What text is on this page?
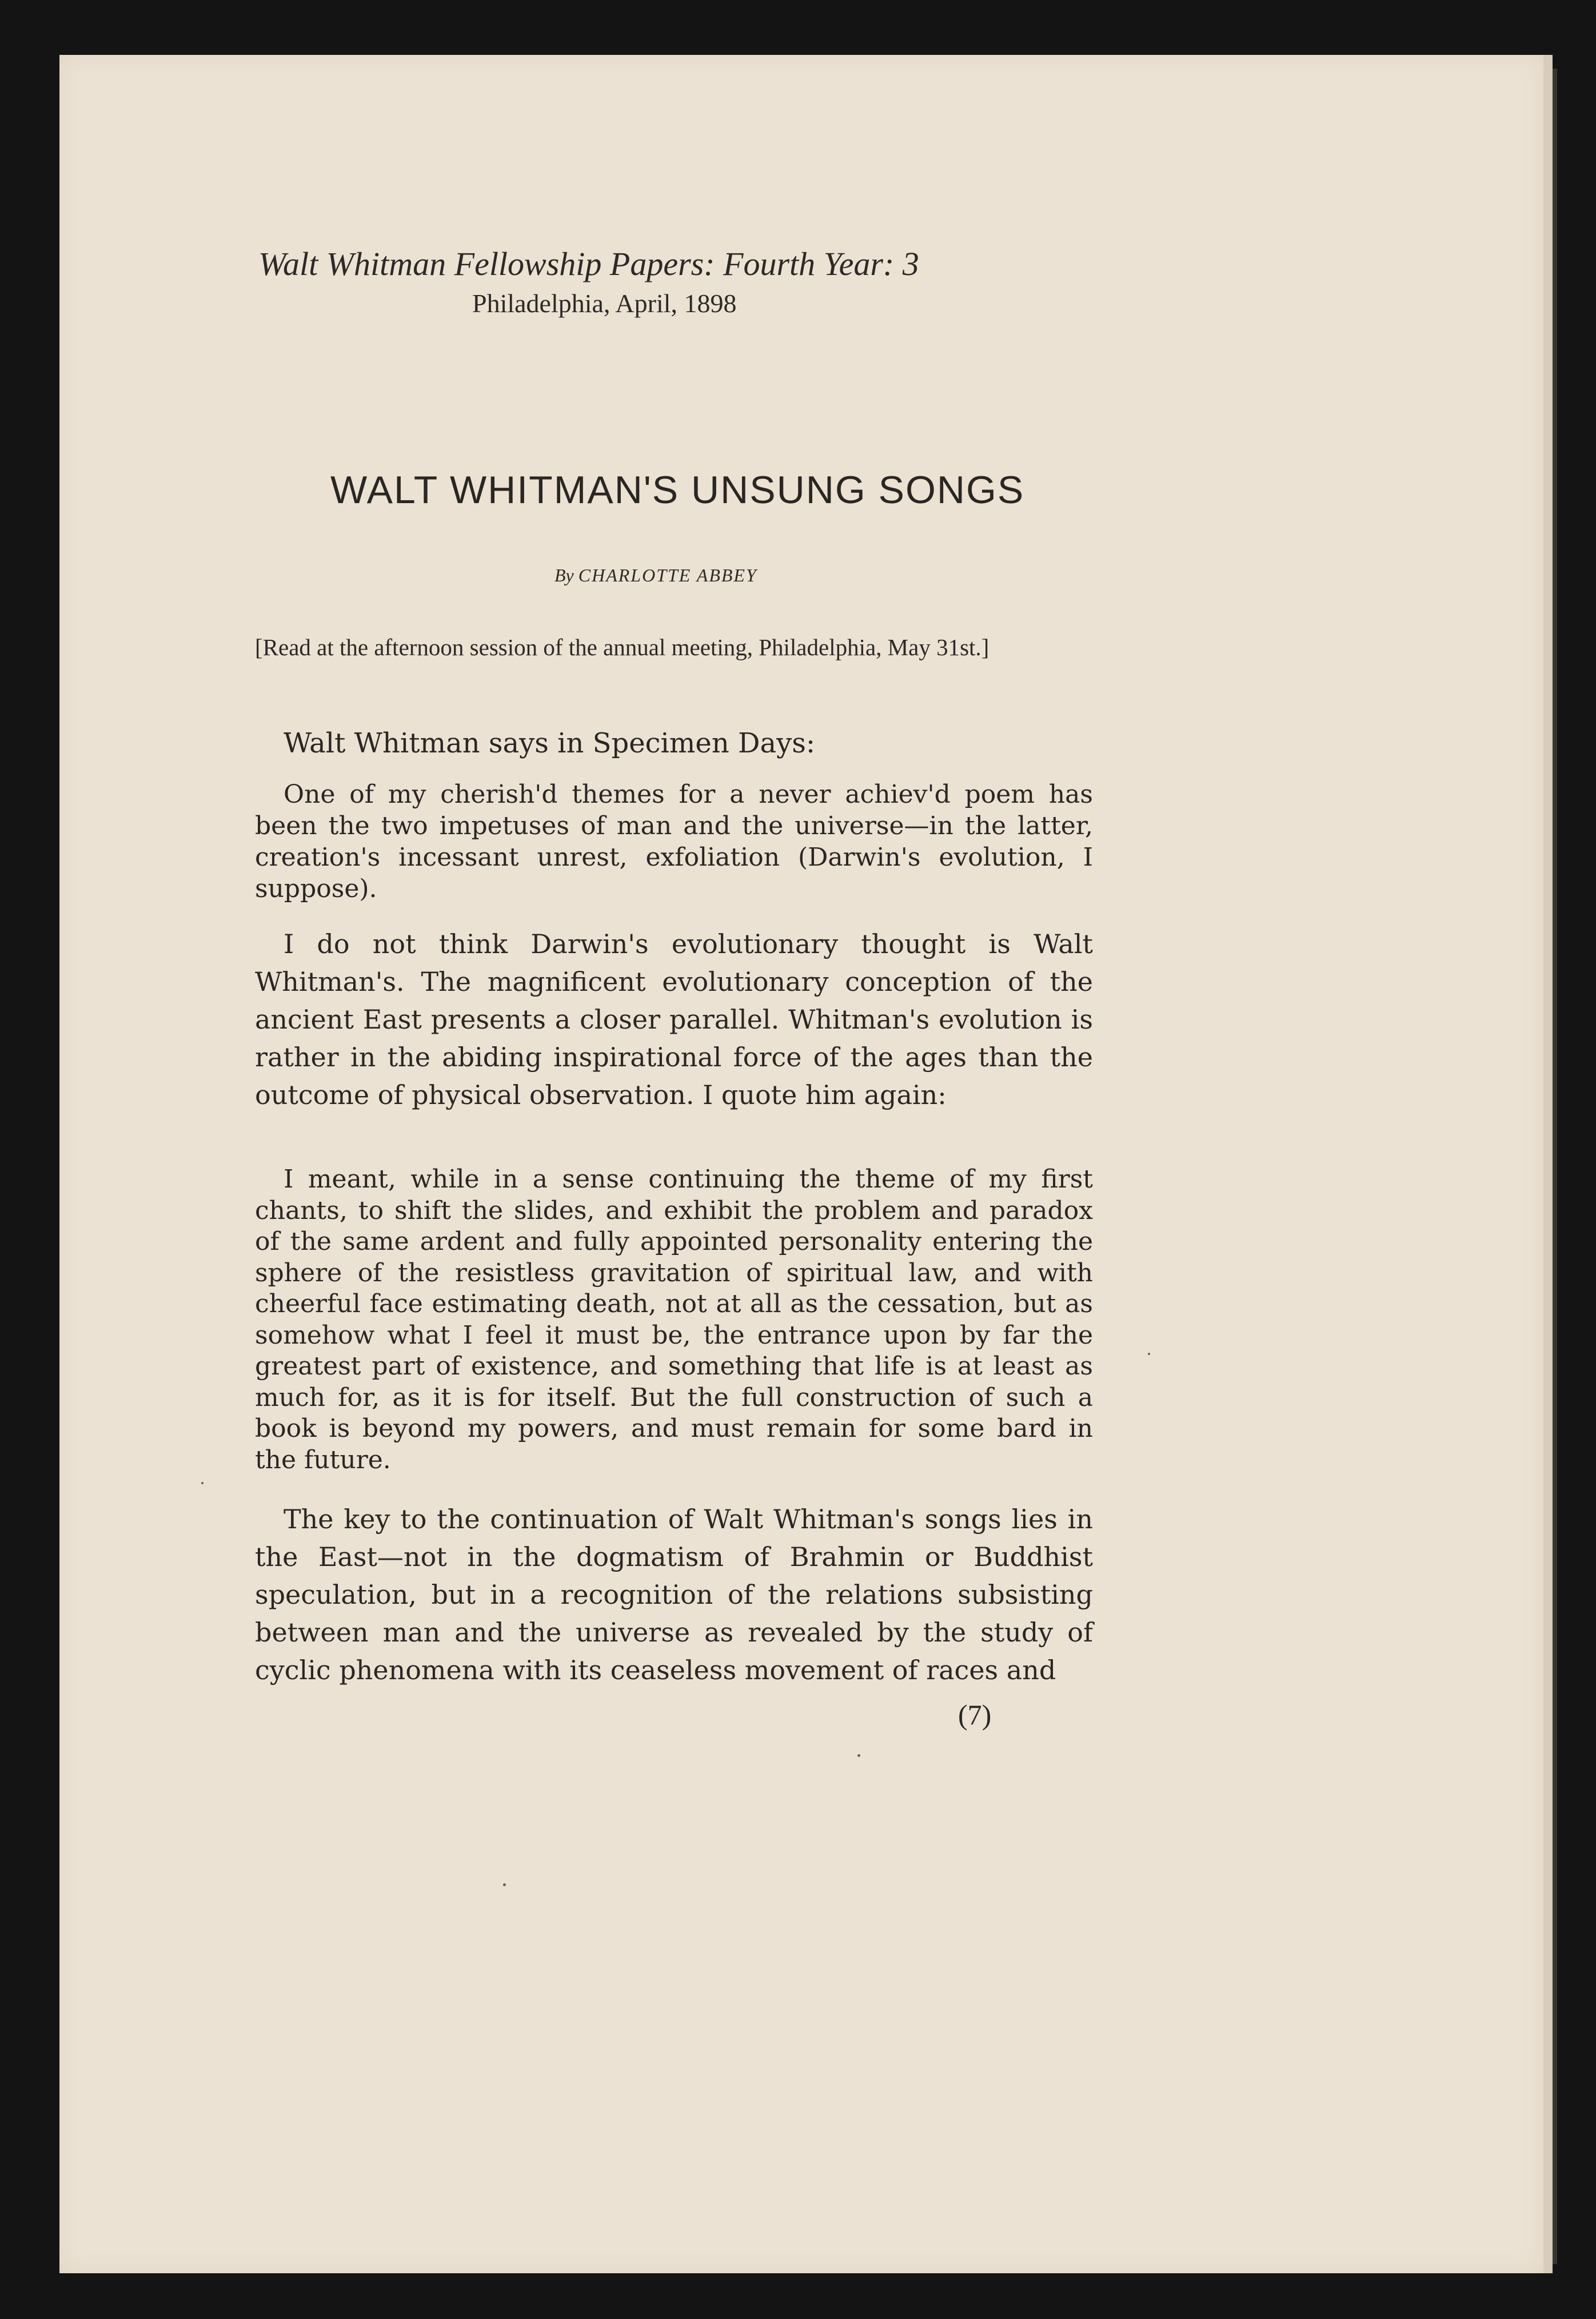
Walt Whitman Fellowship Papers: Fourth Year: 3
Philadelphia, April, 1898
WALT WHITMAN'S UNSUNG SONGS
By CHARLOTTE ABBEY
[Read at the afternoon session of the annual meeting, Philadelphia, May 31st.]
Walt Whitman says in Specimen Days:
One of my cherish'd themes for a never achiev'd poem has been the two impetuses of man and the universe—in the latter, creation's incessant unrest, exfoliation (Darwin's evolution, I suppose).
I do not think Darwin's evolutionary thought is Walt Whitman's. The magnificent evolutionary conception of the ancient East presents a closer parallel. Whitman's evolution is rather in the abiding inspirational force of the ages than the outcome of physical observation. I quote him again:
I meant, while in a sense continuing the theme of my first chants, to shift the slides, and exhibit the problem and paradox of the same ardent and fully appointed personality entering the sphere of the resistless gravitation of spiritual law, and with cheerful face estimating death, not at all as the cessation, but as somehow what I feel it must be, the entrance upon by far the greatest part of existence, and something that life is at least as much for, as it is for itself. But the full construction of such a book is beyond my powers, and must remain for some bard in the future.
The key to the continuation of Walt Whitman's songs lies in the East—not in the dogmatism of Brahmin or Buddhist speculation, but in a recognition of the relations subsisting between man and the universe as revealed by the study of cyclic phenomena with its ceaseless movement of races and
(7)
